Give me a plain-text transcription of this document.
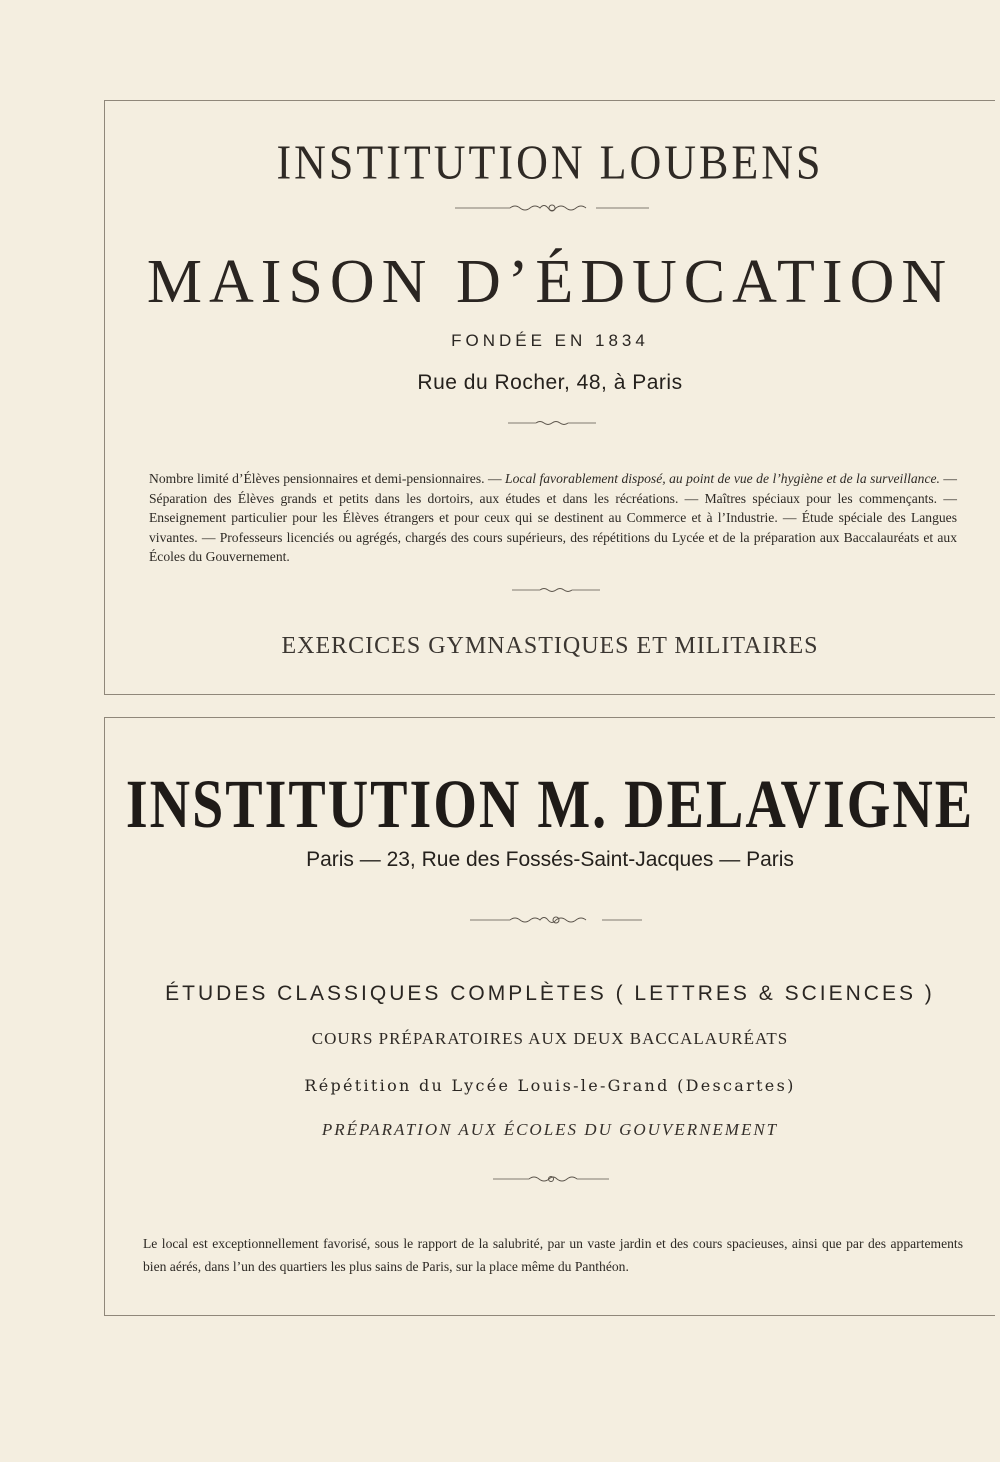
INSTITUTION LOUBENS
MAISON D’ÉDUCATION
FONDÉE EN 1834
Rue du Rocher, 48, à Paris
Nombre limité d’Élèves pensionnaires et demi-pensionnaires. — Local favorablement disposé, au point de vue de l’hygiène et de la surveillance. — Séparation des Élèves grands et petits dans les dortoirs, aux études et dans les récréations. — Maîtres spéciaux pour les commençants. — Enseignement particulier pour les Élèves étrangers et pour ceux qui se destinent au Commerce et à l’Industrie. — Étude spéciale des Langues vivantes. — Professeurs licenciés ou agrégés, chargés des cours supérieurs, des répétitions du Lycée et de la préparation aux Baccalauréats et aux Écoles du Gouvernement.
EXERCICES GYMNASTIQUES ET MILITAIRES
INSTITUTION M. DELAVIGNE
Paris — 23, Rue des Fossés-Saint-Jacques — Paris
ÉTUDES CLASSIQUES COMPLÈTES ( LETTRES & SCIENCES )
COURS PRÉPARATOIRES AUX DEUX BACCALAURÉATS
Répétition du Lycée Louis-le-Grand (Descartes)
PRÉPARATION AUX ÉCOLES DU GOUVERNEMENT
Le local est exceptionnellement favorisé, sous le rapport de la salubrité, par un vaste jardin et des cours spacieuses, ainsi que par des appartements bien aérés, dans l’un des quartiers les plus sains de Paris, sur la place même du Panthéon.
